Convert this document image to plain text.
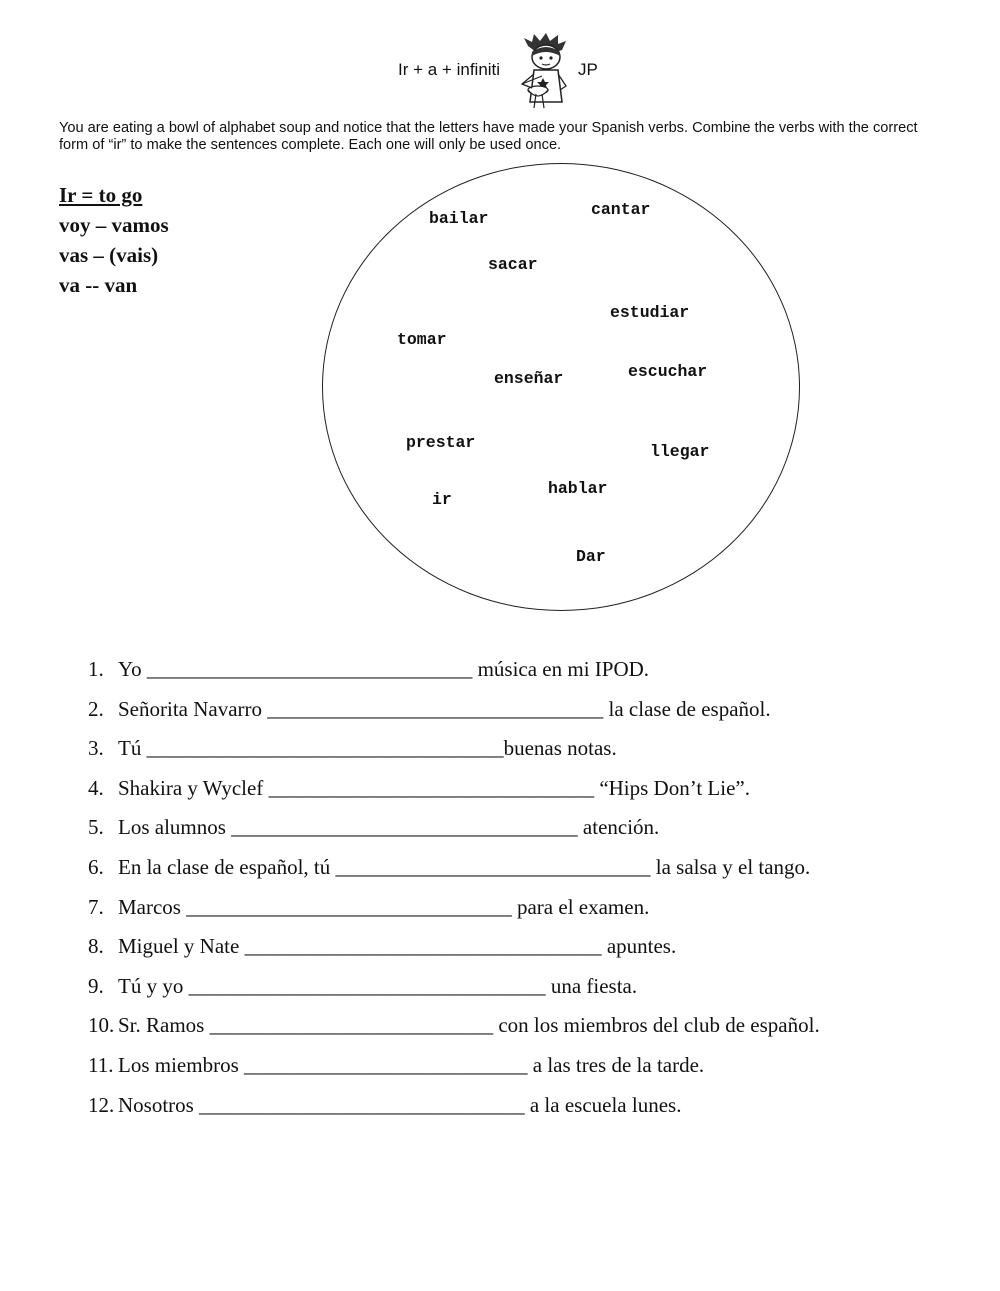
Ir + a + infiniti	JP
You are eating a bowl of alphabet soup and notice that the letters have made your Spanish verbs. Combine the verbs with the correct form of “ir” to make the sentences complete. Each one will only be used once.
Ir = to go
voy – vamos
vas – (vais)
va -- van
bailar	cantar
sacar
estudiar
tomar
enseñar	escuchar
prestar	llegar
hablar
ir
Dar
1. Yo _______________________________ música en mi IPOD.
2. Señorita Navarro ________________________________ la clase de español.
3. Tú __________________________________buenas notas.
4. Shakira y Wyclef _______________________________ “Hips Don’t Lie”.
5. Los alumnos _________________________________ atención.
6. En la clase de español, tú ______________________________ la salsa y el tango.
7. Marcos _______________________________ para el examen.
8. Miguel y Nate __________________________________ apuntes.
9. Tú y yo __________________________________ una fiesta.
10. Sr. Ramos ___________________________ con los miembros del club de español.
11. Los miembros ___________________________ a las tres de la tarde.
12. Nosotros _______________________________ a la escuela lunes.
